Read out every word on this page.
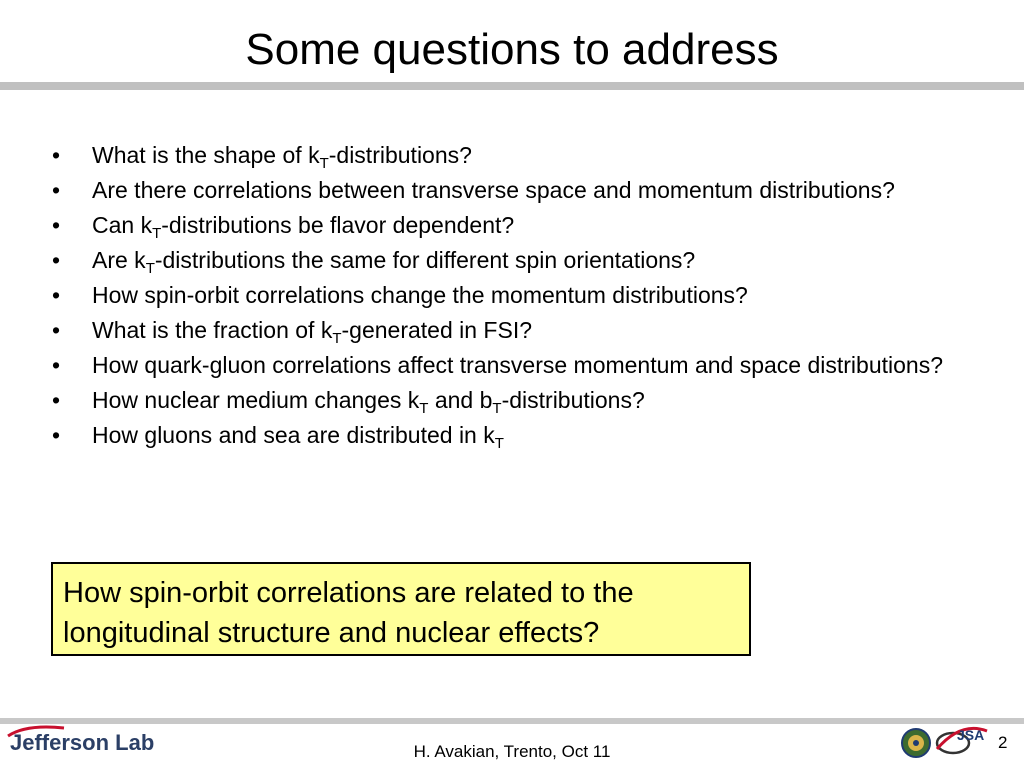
Some questions to address
• What is the shape of $k_T$-distributions?
• Are there correlations between transverse space and momentum distributions?
• Can $k_T$-distributions be flavor dependent?
• Are $k_T$-distributions the same for different spin orientations?
• How spin-orbit correlations change the momentum distributions?
• What is the fraction of $k_T$-generated in FSI?
• How quark-gluon correlations affect transverse momentum and space distributions?
• How nuclear medium changes $k_T$ and $b_T$-distributions?
• How gluons and sea are distributed in $k_T$
How spin-orbit correlations are related to the longitudinal structure and nuclear effects?
Jefferson Lab	H. Avakian, Trento, Oct 11
JSA 2
